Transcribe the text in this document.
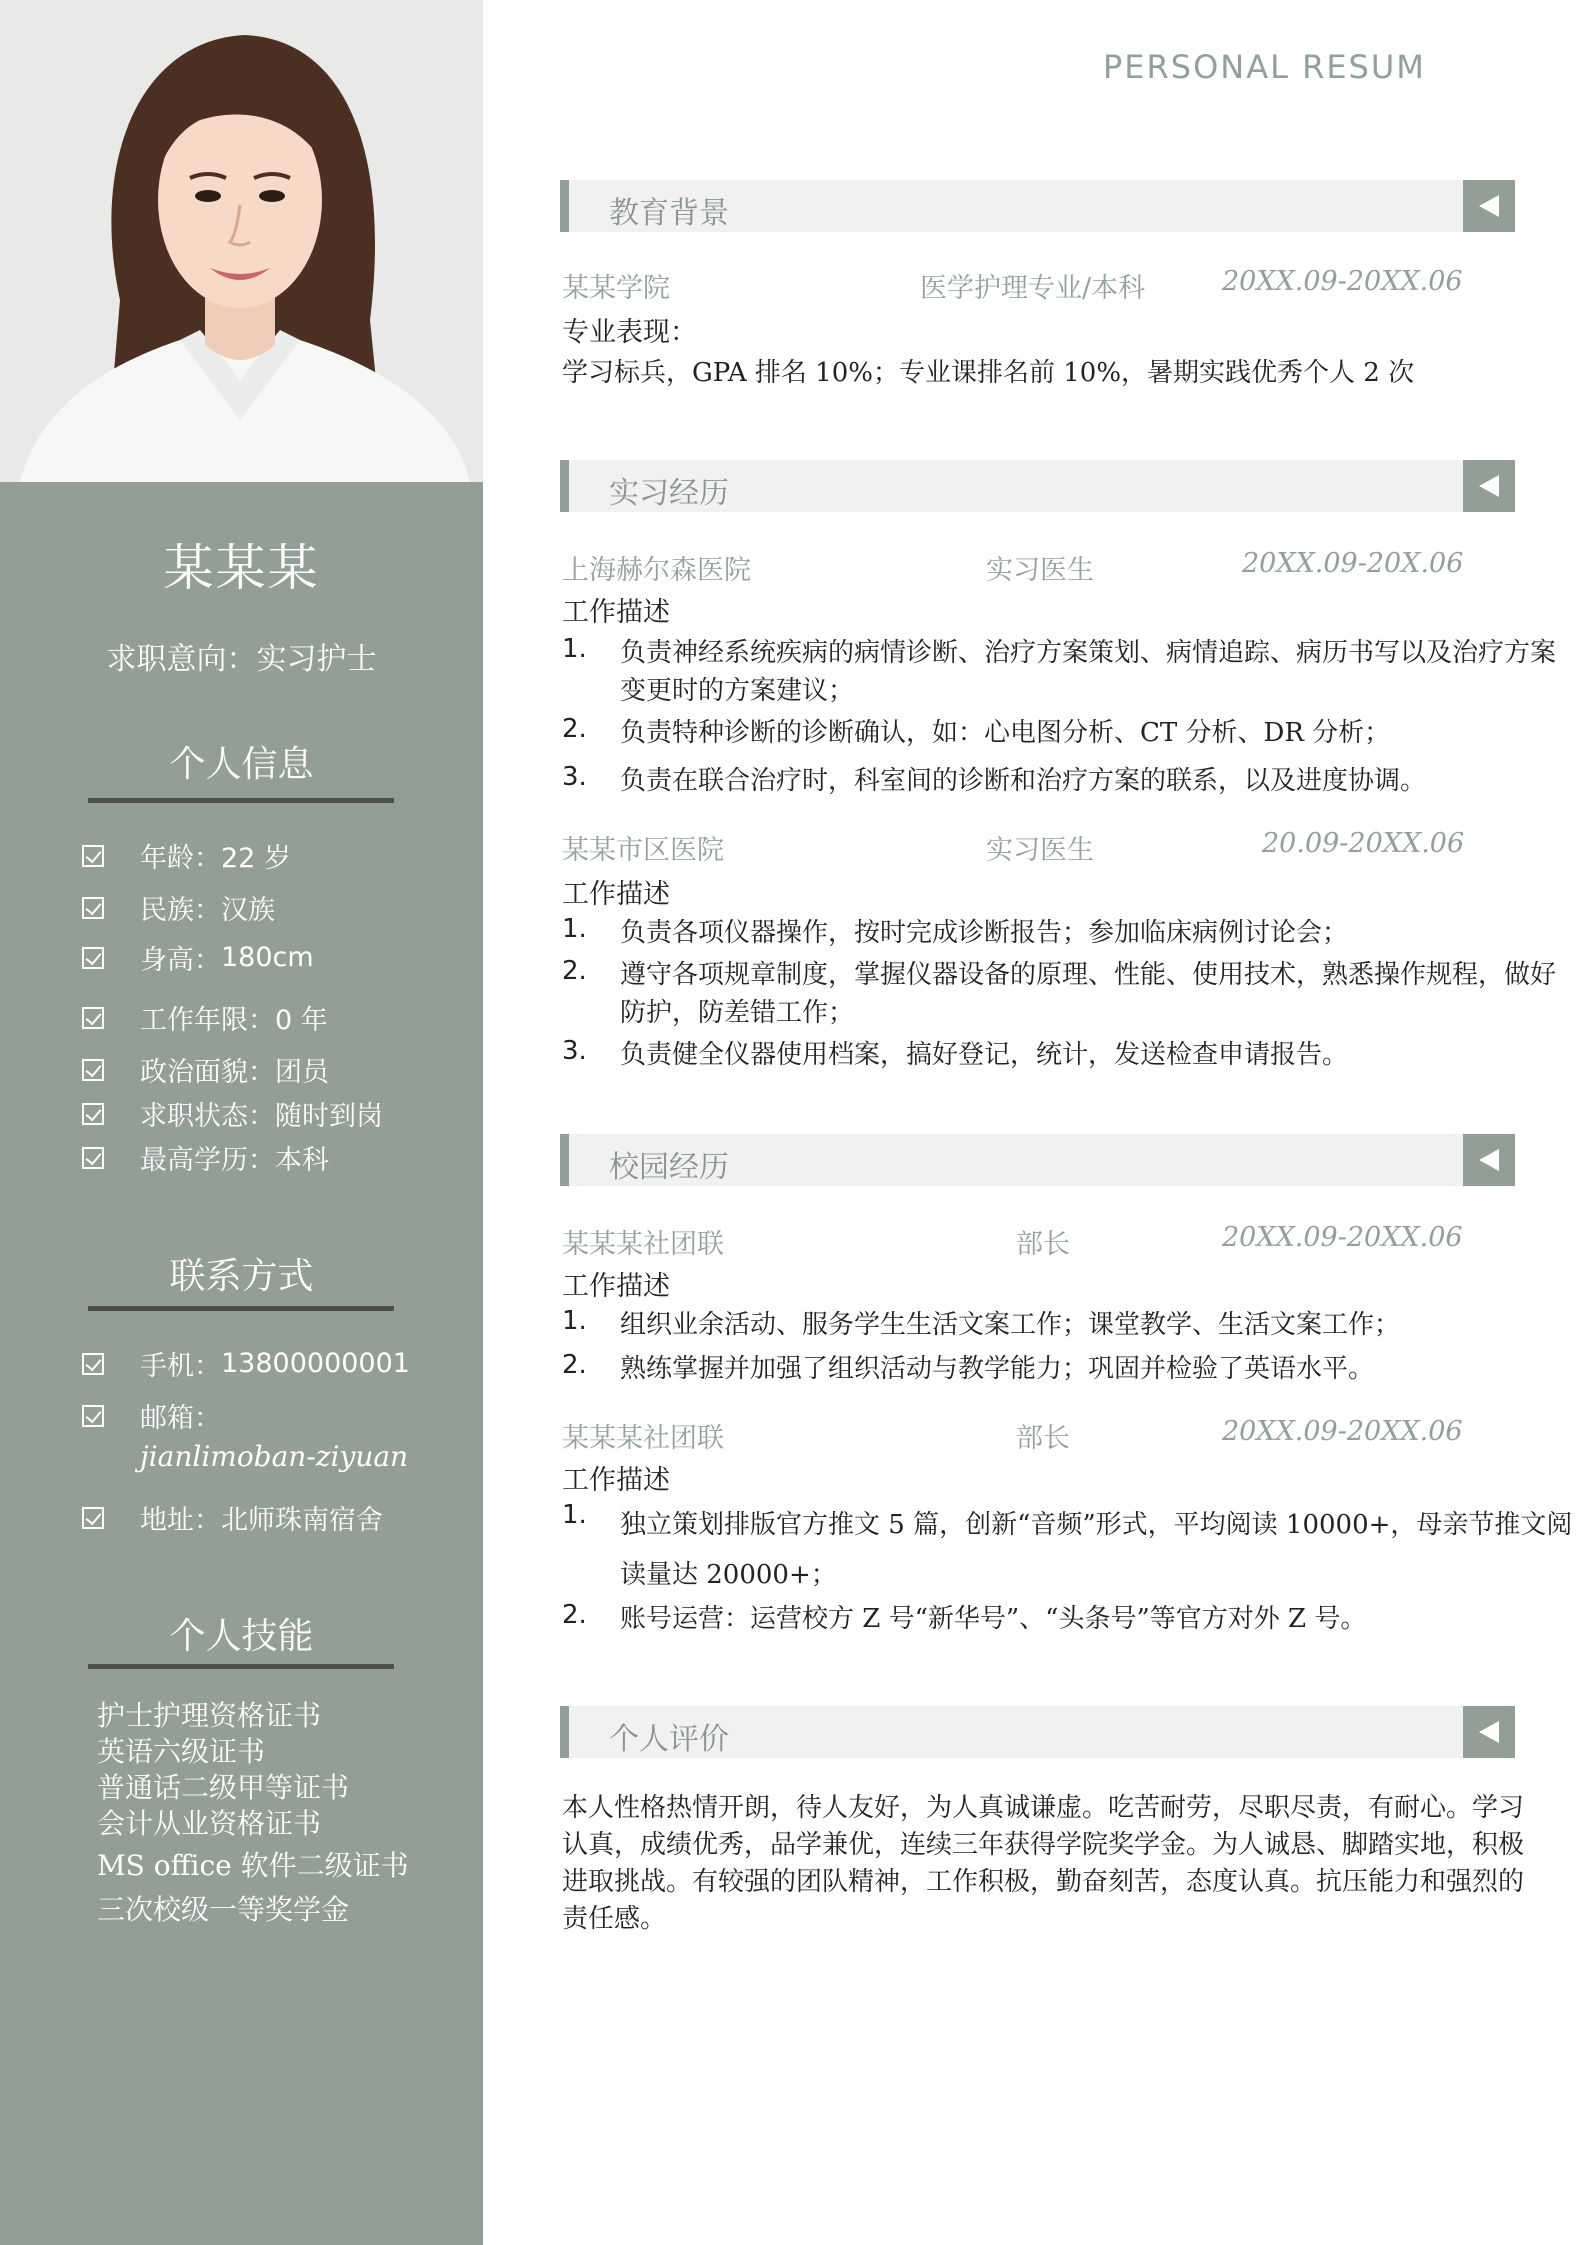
某某某
求职意向：实习护士
个人信息
年龄： 22 岁
民族： 汉族
身高： 180cm
工作年限： 0 年
政治面貌： 团员
求职状态： 随时到岗
最高学历： 本科
联系方式
手机： 13800000001
邮箱：
jianlimoban-ziyuan
地址： 北师珠南宿舍
个人技能
护士护理资格证书
英语六级证书
普通话二级甲等证书
会计从业资格证书
MS office 软件二级证书
三次校级一等奖学金
PERSONAL RESUM
教育背景
某某学院	医学护理专业/本科	20XX.09-20XX.06
专业表现：
学习标兵，GPA 排名 10%；专业课排名前 10%，暑期实践优秀个人 2 次
实习经历
上海赫尔森医院	实习医生	20XX.09-20X.06
工作描述
1.	负责神经系统疾病的病情诊断、治疗方案策划、病情追踪、病历书写以及治疗方案变更时的方案建议；
2.	负责特种诊断的诊断确认，如：心电图分析、CT 分析、DR 分析；
3.	负责在联合治疗时，科室间的诊断和治疗方案的联系，以及进度协调。
某某市区医院	实习医生	20.09-20XX.06
工作描述
1.	负责各项仪器操作，按时完成诊断报告；参加临床病例讨论会；
2.	遵守各项规章制度，掌握仪器设备的原理、性能、使用技术，熟悉操作规程，做好防护，防差错工作；
3.	负责健全仪器使用档案，搞好登记，统计，发送检查申请报告。
校园经历
某某某社团联	部长	20XX.09-20XX.06
工作描述
1.	组织业余活动、服务学生生活文案工作；课堂教学、生活文案工作；
2.	熟练掌握并加强了组织活动与教学能力；巩固并检验了英语水平。
某某某社团联	部长	20XX.09-20XX.06
工作描述
1.	独立策划排版官方推文 5 篇，创新“音频”形式，平均阅读 10000+，母亲节推文阅读量达 20000+；
2.	账号运营：运营校方 Z 号“新华号”、“头条号”等官方对外 Z 号。
个人评价
本人性格热情开朗，待人友好，为人真诚谦虚。吃苦耐劳，尽职尽责，有耐心。学习认真，成绩优秀，品学兼优，连续三年获得学院奖学金。为人诚恳、脚踏实地，积极进取挑战。有较强的团队精神，工作积极，勤奋刻苦，态度认真。抗压能力和强烈的责任感。
